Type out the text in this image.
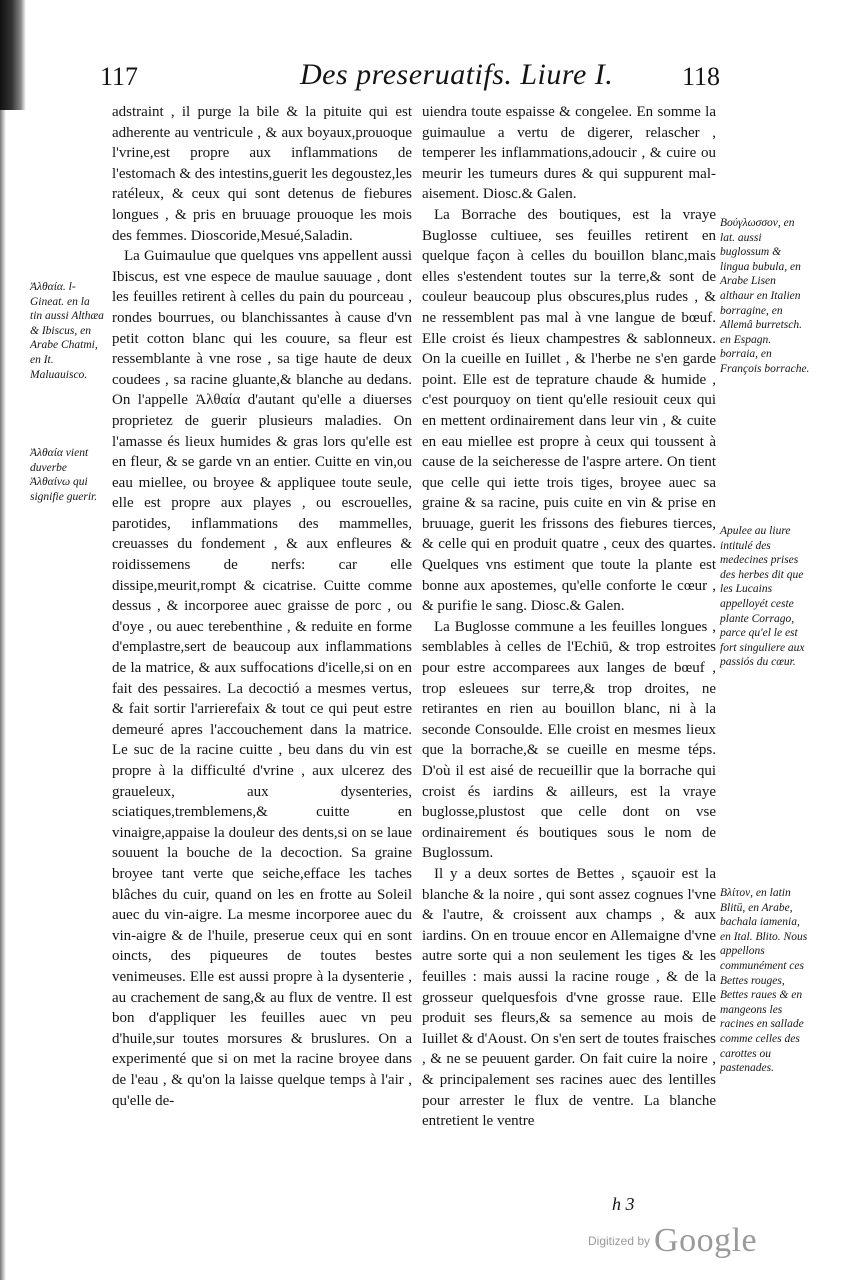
117	Des preseruatifs. Liure I.	118
Ἀλθαία. l-Gineat. en la tin aussi Althæa & Ibiscus, en Arabe Chatmi, en It. Maluauisco.
Ἀλθαία vient duverbe Ἀλθαίνω qui signifie guerir.

adstraint , il purge la bile & la pituite qui est adherente au ventricule , & aux boyaux,prouoque l'vrine,est propre aux inflammations de l'estomach & des intestins,guerit les degoustez,les ratéleux, & ceux qui sont detenus de fiebures longues , & pris en bruuage prouoque les mois des femmes. Dioscoride,Mesué,Saladin.

La Guimaulue que quelques vns appellent aussi Ibiscus, est vne espece de maulue sauuage , dont les feuilles retirent à celles du pain du pourceau , rondes bourrues, ou blanchissantes à cause d'vn petit cotton blanc qui les couure, sa fleur est ressemblante à vne rose , sa tige haute de deux coudees , sa racine gluante,& blanche au dedans. On l'appelle Ἀλθαία d'autant qu'elle a diuerses proprietez de guerir plusieurs maladies. On l'amasse és lieux humides & gras lors qu'elle est en fleur, & se garde vn an entier. Cuitte en vin,ou eau miellee, ou broyee & appliquee toute seule, elle est propre aux playes , ou escrouelles, parotides, inflammations des mammelles, creuasses du fondement , & aux enfleures & roidissemens de nerfs: car elle dissipe,meurit,rompt & cicatrise. Cuitte comme dessus , & incorporee auec graisse de porc , ou d'oye , ou auec terebenthine , & reduite en forme d'emplastre,sert de beaucoup aux inflammations de la matrice, & aux suffocations d'icelle,si on en fait des pessaires. La decoctió a mesmes vertus, & fait sortir l'arrierefaix & tout ce qui peut estre demeuré apres l'accouchement dans la matrice. Le suc de la racine cuitte , beu dans du vin est propre à la difficulté d'vrine , aux ulcerez des graueleux, aux dysenteries, sciatiques,tremblemens,& cuitte en vinaigre,appaise la douleur des dents,si on se laue souuent la bouche de la decoction. Sa graine broyee tant verte que seiche,efface les taches blâches du cuir, quand on les en frotte au Soleil auec du vin-aigre. La mesme incorporee auec du vin-aigre & de l'huile, preserue ceux qui en sont oincts, des piqueures de toutes bestes venimeuses. Elle est aussi propre à la dysenterie , au crachement de sang,& au flux de ventre. Il est bon d'appliquer les feuilles auec vn peu d'huile,sur toutes morsures & bruslures. On a experimenté que si on met la racine broyee dans de l'eau , & qu'on la laisse quelque temps à l'air , qu'elle de-

uiendra toute espaisse & congelee. En somme la guimaulue a vertu de digerer, relascher , temperer les inflammations,adoucir , & cuire ou meurir les tumeurs dures & qui suppurent mal-aisement. Diosc.& Galen.

La Borrache des boutiques, est la vraye Buglosse cultiuee, ses feuilles retirent en quelque façon à celles du bouillon blanc,mais elles s'estendent toutes sur la terre,& sont de couleur beaucoup plus obscures,plus rudes , & ne ressemblent pas mal à vne langue de bœuf. Elle croist és lieux champestres & sablonneux. On la cueille en Iuillet , & l'herbe ne s'en garde point. Elle est de teprature chaude & humide , c'est pourquoy on tient qu'elle resiouit ceux qui en mettent ordinairement dans leur vin , & cuite en eau miellee est propre à ceux qui toussent à cause de la seicheresse de l'aspre artere. On tient que celle qui iette trois tiges, broyee auec sa graine & sa racine, puis cuite en vin & prise en bruuage, guerit les frissons des fiebures tierces, & celle qui en produit quatre , ceux des quartes. Quelques vns estiment que toute la plante est bonne aux apostemes, qu'elle conforte le cœur , & purifie le sang. Diosc.& Galen.

La Buglosse commune a les feuilles longues , semblables à celles de l'Echiū, & trop estroites pour estre accomparees aux langes de bœuf , trop esleuees sur terre,& trop droites, ne retirantes en rien au bouillon blanc, ni à la seconde Consoulde. Elle croist en mesmes lieux que la borrache,& se cueille en mesme téps. D'où il est aisé de recueillir que la borrache qui croist és iardins & ailleurs, est la vraye buglosse,plustost que celle dont on vse ordinairement és boutiques sous le nom de Buglossum.

Il y a deux sortes de Bettes , sçauoir est la blanche & la noire , qui sont assez cognues l'vne & l'autre, & croissent aux champs , & aux iardins. On en trouue encor en Allemaigne d'vne autre sorte qui a non seulement les tiges & les feuilles : mais aussi la racine rouge , & de la grosseur quelquesfois d'vne grosse raue. Elle produit ses fleurs,& sa semence au mois de Iuillet & d'Aoust. On s'en sert de toutes fraisches , & ne se peuuent garder. On fait cuire la noire , & principalement ses racines auec des lentilles pour arrester le flux de ventre. La blanche entretient le ventre

Βούγλωσσον, en lat. aussi buglossum & lingua bubula, en Arabe Lisen althaur en Italien borragine, en Allemâ burretsch. en Espagn. borraia, en François borrache.
Apulee au liure intitulé des medecines prises des herbes dit que les Lucains appelloyét ceste plante Corrago, parce qu'el le est fort singuliere aux passiós du cœur.
Βλίτον, en latin Blitū, en Arabe, bachala iamenia, en Ital. Blito. Nous appellons communément ces Bettes rouges, Bettes raues & en mangeons les racines en sallade comme celles des carottes ou pastenades.
h 3
Digitized by Google
